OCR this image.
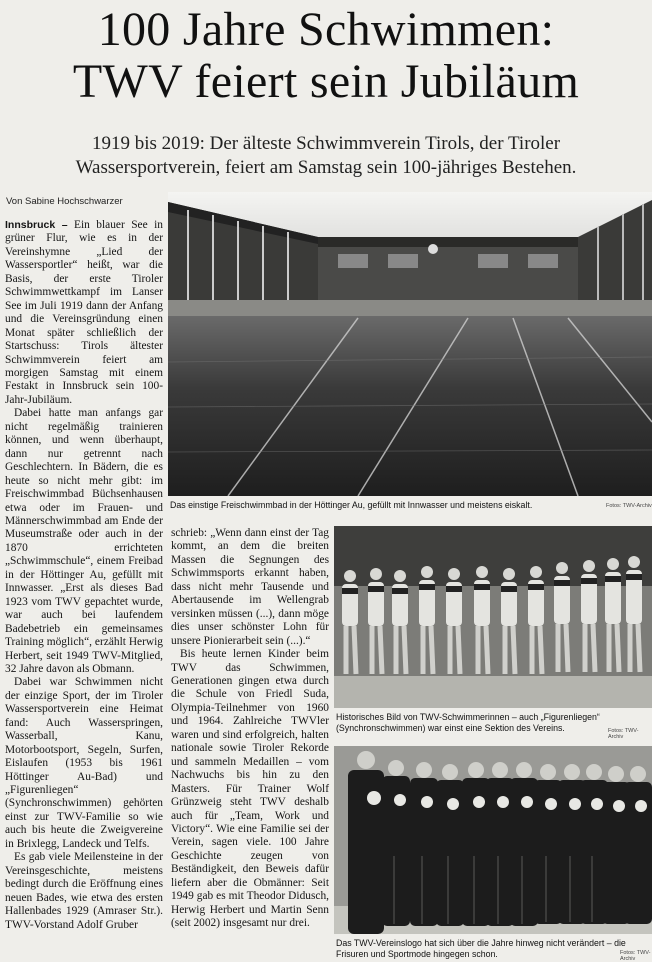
100 Jahre Schwimmen:
TWV feiert sein Jubiläum
1919 bis 2019: Der älteste Schwimmverein Tirols, der Tiroler
Wassersportverein, feiert am Samstag sein 100-jähriges Bestehen.
Von Sabine Hochschwarzer

Innsbruck – Ein blauer See in grüner Flur, wie es in der Vereinshymne „Lied der Wassersportler“ heißt, war die Basis, der erste Tiroler Schwimmwettkampf im Lanser See im Juli 1919 dann der Anfang und die Vereinsgründung einen Monat später schließlich der Startschuss: Tirols ältester Schwimmverein feiert am morgigen Samstag mit einem Festakt in Innsbruck sein 100-Jahr-Jubiläum.

Dabei hatte man anfangs gar nicht regelmäßig trainieren können, und wenn überhaupt, dann nur getrennt nach Geschlechtern. In Bädern, die es heute so nicht mehr gibt: im Freischwimmbad Büchsenhausen etwa oder im Frauen- und Männerschwimmbad am Ende der Museumstraße oder auch in der 1870 errichteten „Schwimmschule“, einem Freibad in der Höttinger Au, gefüllt mit Innwasser. „Erst als dieses Bad 1923 vom TWV gepachtet wurde, war auch bei laufendem Badebetrieb ein gemeinsames Training möglich“, erzählt Herwig Herbert, seit 1949 TWV-Mitglied, 32 Jahre davon als Obmann.

Dabei war Schwimmen nicht der einzige Sport, der im Tiroler Wassersportverein eine Heimat fand: Auch Wasserspringen, Wasserball, Kanu, Motorbootsport, Segeln, Surfen, Eislaufen (1953 bis 1961 Höttinger Au-Bad) und „Figurenliegen“ (Synchronschwimmen) gehörten einst zur TWV-Familie so wie auch bis heute die Zweigvereine in Brixlegg, Landeck und Telfs.

Es gab viele Meilensteine in der Vereinsgeschichte, meistens bedingt durch die Eröffnung eines neuen Bades, wie etwa des ersten Hallenbades 1929 (Amraser Str.). TWV-Vorstand Adolf Gruber

Das einstige Freischwimmbad in der Höttinger Au, gefüllt mit Innwasser und meistens eiskalt.	Fotos: TWV-Archiv

schrieb: „Wenn dann einst der Tag kommt, an dem die breiten Massen die Segnungen des Schwimmsports erkannt haben, dass nicht mehr Tausende und Abertausende im Wellengrab versinken müssen (...), dann möge dies unser schönster Lohn für unsere Pionierarbeit sein (...).“

Bis heute lernen Kinder beim TWV das Schwimmen, Generationen gingen etwa durch die Schule von Friedl Suda, Olympia-Teilnehmer von 1960 und 1964. Zahlreiche TWVler waren und sind erfolgreich, halten nationale sowie Tiroler Rekorde und sammeln Medaillen – vom Nachwuchs bis hin zu den Masters. Für Trainer Wolf Grünzweig steht TWV deshalb auch für „Team, Work und Victory“. Wie eine Familie sei der Verein, sagen viele. 100 Jahre Geschichte zeugen von Beständigkeit, den Beweis dafür liefern aber die Obmänner: Seit 1949 gab es mit Theodor Didusch, Herwig Herbert und Martin Senn (seit 2002) insgesamt nur drei.

Historisches Bild von TWV-Schwimmerinnen – auch „Figurenliegen“ (Synchronschwimmen) war einst eine Sektion des Vereins.	Fotos: TWV-Archiv
Das TWV-Vereinslogo hat sich über die Jahre hinweg nicht verändert – die Frisuren und Sportmode hingegen schon.	Fotos: TWV-Archiv
